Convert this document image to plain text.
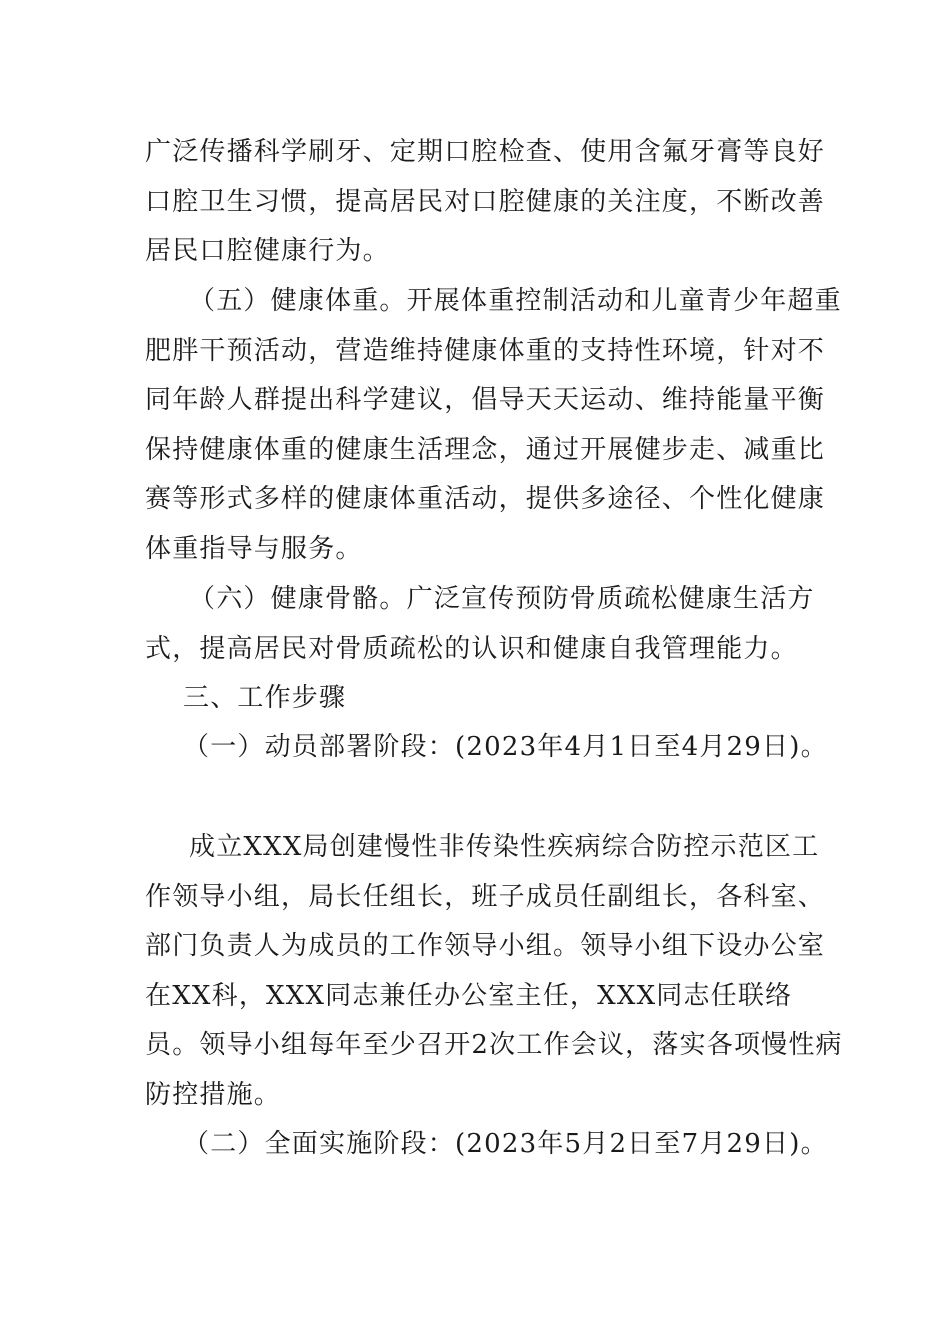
广泛传播科学刷牙、定期口腔检查、使用含氟牙膏等良好口腔卫生习惯，提高居民对口腔健康的关注度，不断改善居民口腔健康行为。

（五）健康体重。开展体重控制活动和儿童青少年超重肥胖干预活动，营造维持健康体重的支持性环境，针对不同年龄人群提出科学建议，倡导天天运动、维持能量平衡保持健康体重的健康生活理念，通过开展健步走、减重比赛等形式多样的健康体重活动，提供多途径、个性化健康体重指导与服务。

（六）健康骨骼。广泛宣传预防骨质疏松健康生活方式，提高居民对骨质疏松的认识和健康自我管理能力。

三、工作步骤

（一）动员部署阶段：(2023年4月1日至4月29日)。

成立XXX局创建慢性非传染性疾病综合防控示范区工作领导小组，局长任组长，班子成员任副组长，各科室、部门负责人为成员的工作领导小组。领导小组下设办公室在XX科，XXX同志兼任办公室主任，XXX同志任联络员。领导小组每年至少召开2次工作会议，落实各项慢性病防控措施。

（二）全面实施阶段：(2023年5月2日至7月29日)。
